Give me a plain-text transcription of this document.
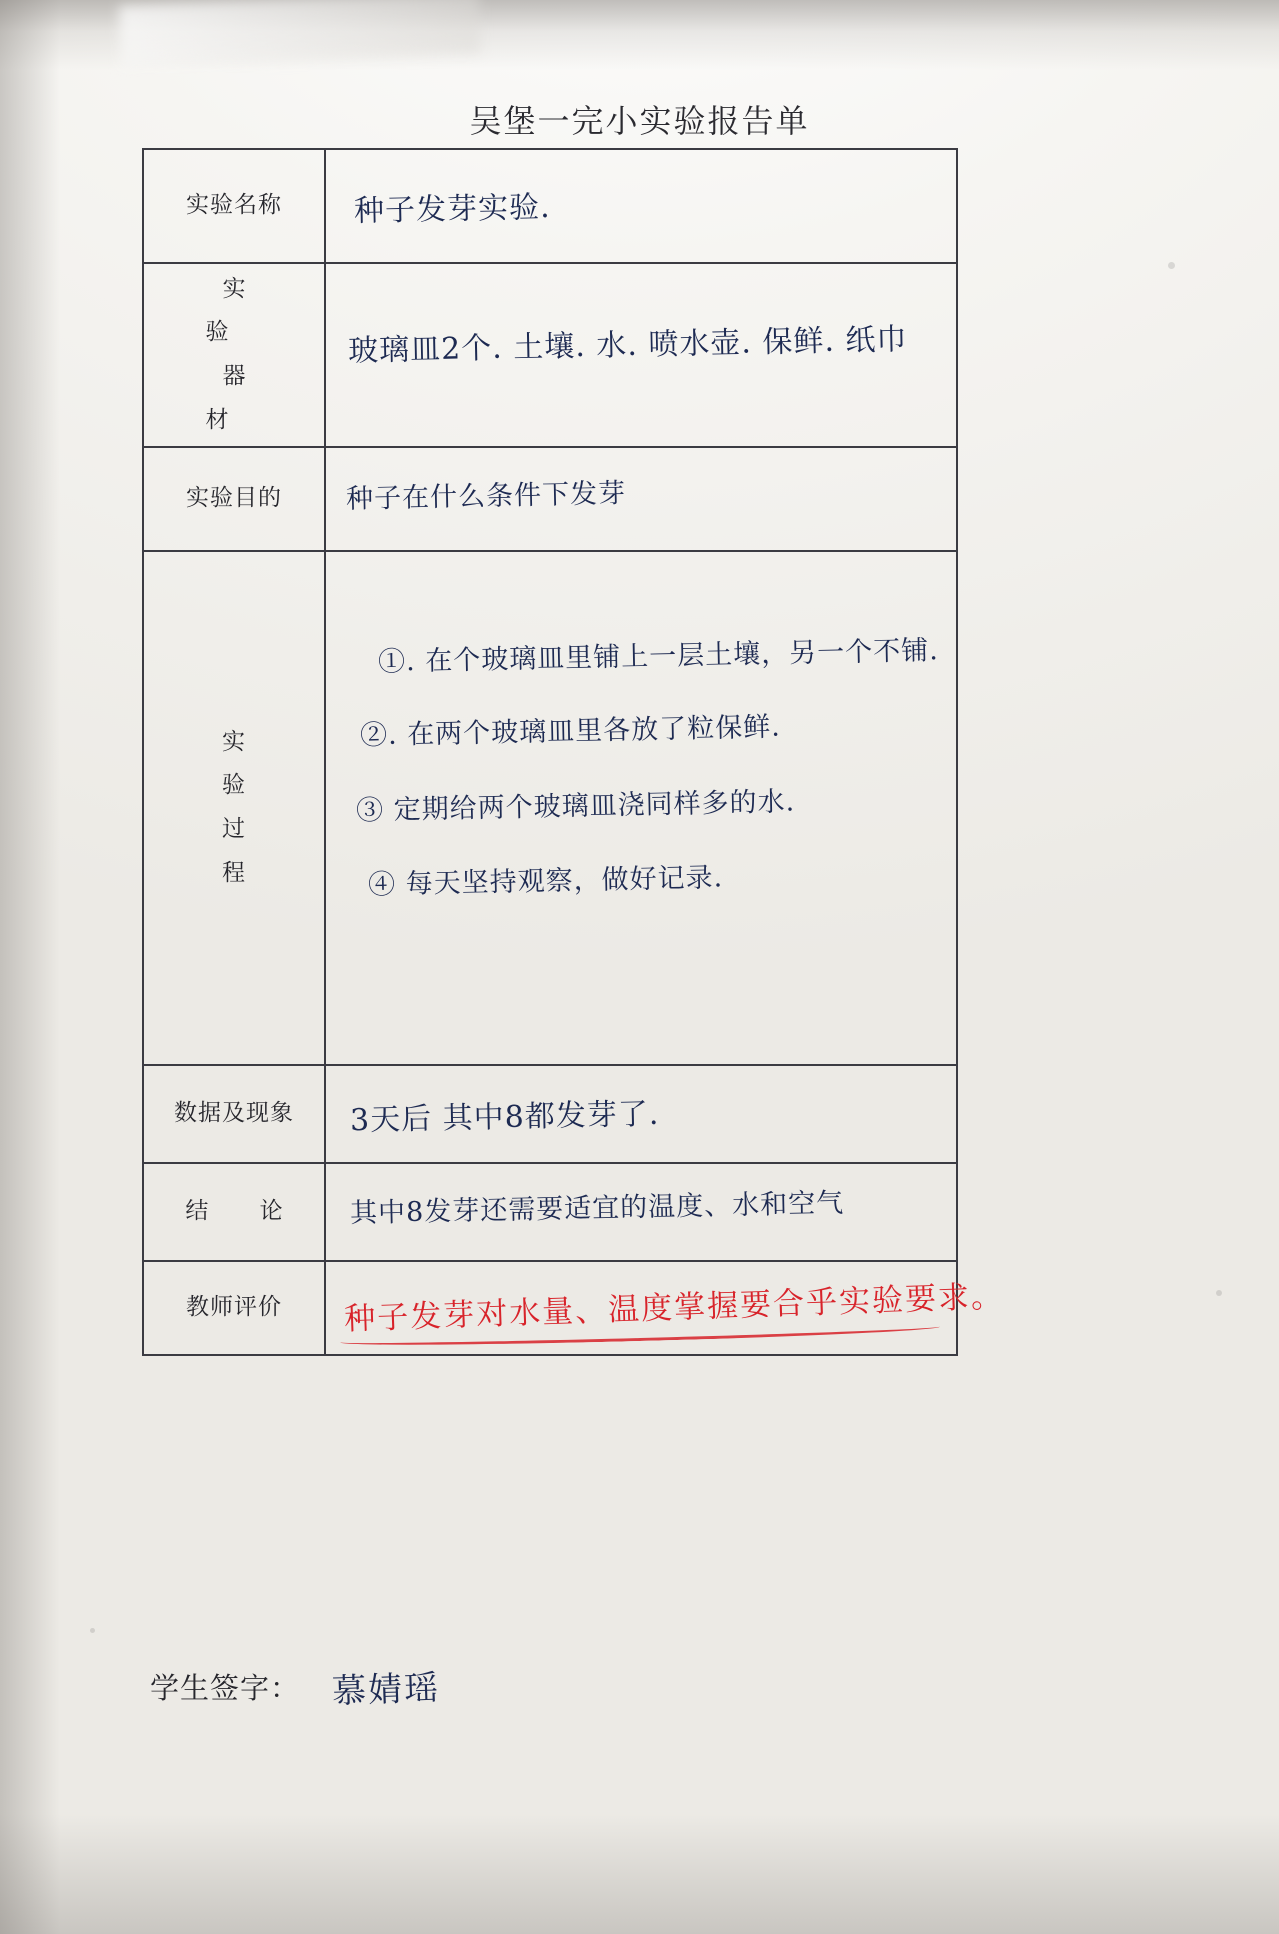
吴堡一完小实验报告单
实验名称 种子发芽实验.
实 验
器 材
玻璃皿2个. 土壤. 水. 喷水壶. 保鲜. 纸巾
实验目的 种子在什么条件下发芽
实
验
过
程
①. 在个玻璃皿里铺上一层土壤，另一个不铺.
②. 在两个玻璃皿里各放了粒保鲜.
③ 定期给两个玻璃皿浇同样多的水.
④ 每天坚持观察，做好记录.
数据及现象 3天后 其中8都发芽了.
结 论 其中8发芽还需要适宜的温度、水和空气
教师评价 种子发芽对水量、温度掌握要合乎实验要求。
学生签字： 慕婧瑶
